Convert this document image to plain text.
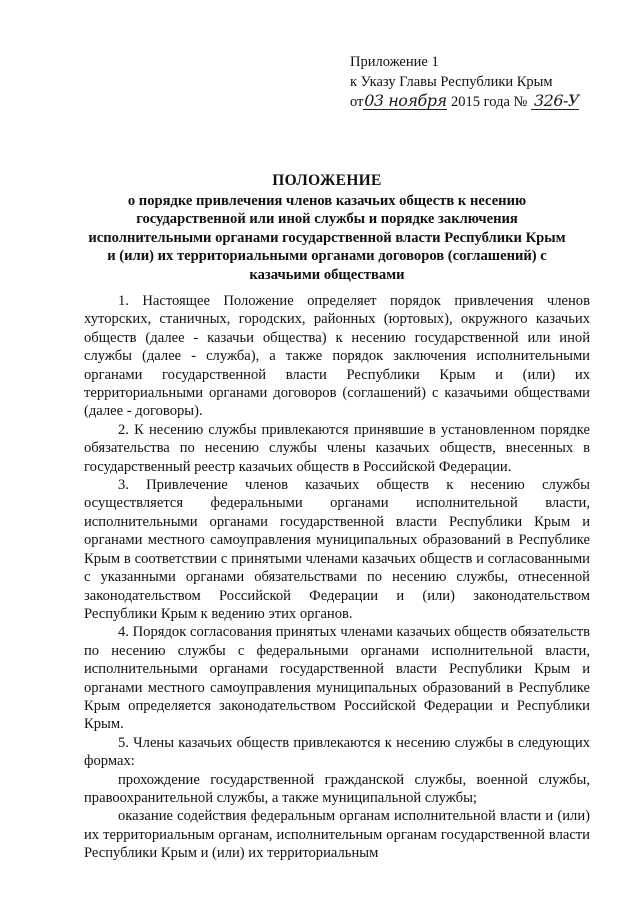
Приложение 1
к Указу Главы Республики Крым
от03 ноября 2015 года № 326-У
ПОЛОЖЕНИЕ
о порядке привлечения членов казачьих обществ к несению государственной или иной службы и порядке заключения исполнительными органами государственной власти Республики Крым и (или) их территориальными органами договоров (соглашений) с казачьими обществами

1. Настоящее Положение определяет порядок привлечения членов хуторских, станичных, городских, районных (юртовых), окружного казачьих обществ (далее - казачьи общества) к несению государственной или иной службы (далее - служба), а также порядок заключения исполнительными органами государственной власти Республики Крым и (или) их территориальными органами договоров (соглашений) с казачьими обществами (далее - договоры).

2. К несению службы привлекаются принявшие в установленном порядке обязательства по несению службы члены казачьих обществ, внесенных в государственный реестр казачьих обществ в Российской Федерации.

3. Привлечение членов казачьих обществ к несению службы осуществляется федеральными органами исполнительной власти, исполнительными органами государственной власти Республики Крым и органами местного самоуправления муниципальных образований в Республике Крым в соответствии с принятыми членами казачьих обществ и согласованными с указанными органами обязательствами по несению службы, отнесенной законодательством Российской Федерации и (или) законодательством Республики Крым к ведению этих органов.

4. Порядок согласования принятых членами казачьих обществ обязательств по несению службы с федеральными органами исполнительной власти, исполнительными органами государственной власти Республики Крым и органами местного самоуправления муниципальных образований в Республике Крым определяется законодательством Российской Федерации и Республики Крым.

5. Члены казачьих обществ привлекаются к несению службы в следующих формах:

прохождение государственной гражданской службы, военной службы, правоохранительной службы, а также муниципальной службы;

оказание содействия федеральным органам исполнительной власти и (или) их территориальным органам, исполнительным органам государственной власти Республики Крым и (или) их территориальным
